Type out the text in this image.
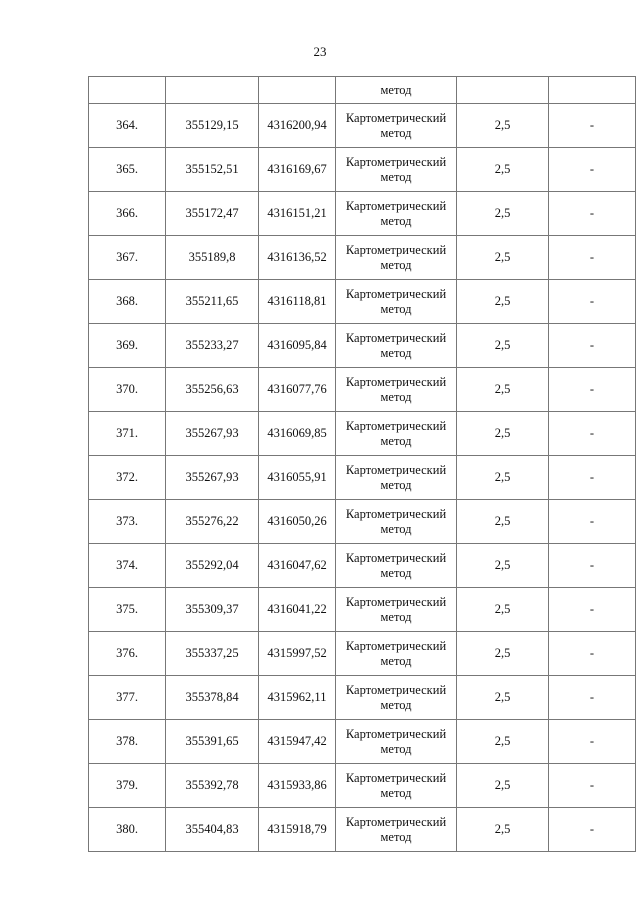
23
			метод		
364.	355129,15	4316200,94	Картометрический метод	2,5	-
365.	355152,51	4316169,67	Картометрический метод	2,5	-
366.	355172,47	4316151,21	Картометрический метод	2,5	-
367.	355189,8	4316136,52	Картометрический метод	2,5	-
368.	355211,65	4316118,81	Картометрический метод	2,5	-
369.	355233,27	4316095,84	Картометрический метод	2,5	-
370.	355256,63	4316077,76	Картометрический метод	2,5	-
371.	355267,93	4316069,85	Картометрический метод	2,5	-
372.	355267,93	4316055,91	Картометрический метод	2,5	-
373.	355276,22	4316050,26	Картометрический метод	2,5	-
374.	355292,04	4316047,62	Картометрический метод	2,5	-
375.	355309,37	4316041,22	Картометрический метод	2,5	-
376.	355337,25	4315997,52	Картометрический метод	2,5	-
377.	355378,84	4315962,11	Картометрический метод	2,5	-
378.	355391,65	4315947,42	Картометрический метод	2,5	-
379.	355392,78	4315933,86	Картометрический метод	2,5	-
380.	355404,83	4315918,79	Картометрический метод	2,5	-
